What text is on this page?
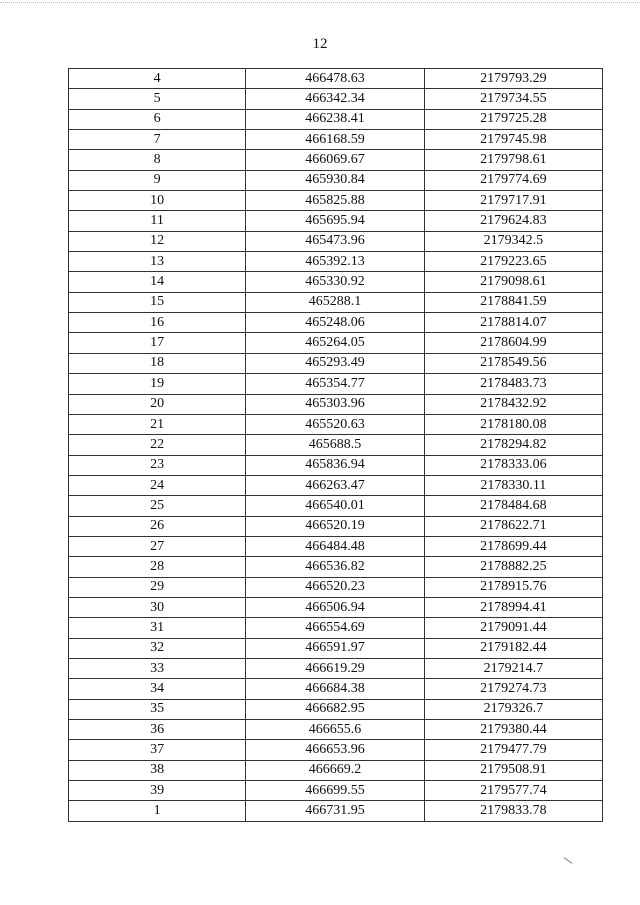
12
4	466478.63	2179793.29
5	466342.34	2179734.55
6	466238.41	2179725.28
7	466168.59	2179745.98
8	466069.67	2179798.61
9	465930.84	2179774.69
10	465825.88	2179717.91
11	465695.94	2179624.83
12	465473.96	2179342.5
13	465392.13	2179223.65
14	465330.92	2179098.61
15	465288.1	2178841.59
16	465248.06	2178814.07
17	465264.05	2178604.99
18	465293.49	2178549.56
19	465354.77	2178483.73
20	465303.96	2178432.92
21	465520.63	2178180.08
22	465688.5	2178294.82
23	465836.94	2178333.06
24	466263.47	2178330.11
25	466540.01	2178484.68
26	466520.19	2178622.71
27	466484.48	2178699.44
28	466536.82	2178882.25
29	466520.23	2178915.76
30	466506.94	2178994.41
31	466554.69	2179091.44
32	466591.97	2179182.44
33	466619.29	2179214.7
34	466684.38	2179274.73
35	466682.95	2179326.7
36	466655.6	2179380.44
37	466653.96	2179477.79
38	466669.2	2179508.91
39	466699.55	2179577.74
1	466731.95	2179833.78
